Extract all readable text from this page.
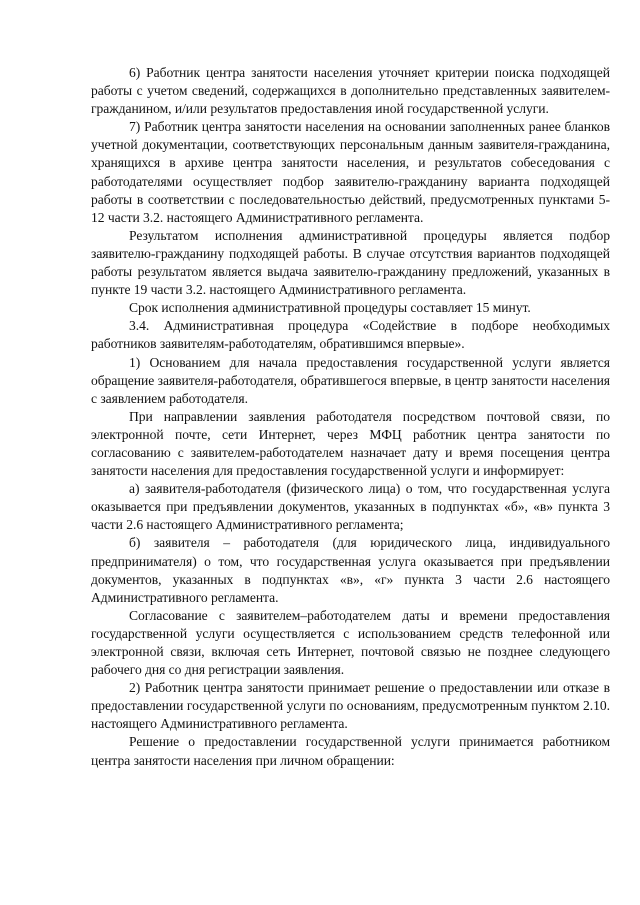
6) Работник центра занятости населения уточняет критерии поиска подходящей работы с учетом сведений, содержащихся в дополнительно представленных заявителем-гражданином, и/или результатов предоставления иной государственной услуги.

7) Работник центра занятости населения на основании заполненных ранее бланков учетной документации, соответствующих персональным данным заявителя-гражданина, хранящихся в архиве центра занятости населения, и результатов собеседования с работодателями осуществляет подбор заявителю-гражданину варианта подходящей работы в соответствии с последовательностью действий, предусмотренных пунктами 5-12 части 3.2. настоящего Административного регламента.

Результатом исполнения административной процедуры является подбор заявителю-гражданину подходящей работы. В случае отсутствия вариантов подходящей работы результатом является выдача заявителю-гражданину предложений, указанных в пункте 19 части 3.2. настоящего Административного регламента.

Срок исполнения административной процедуры составляет 15 минут.

3.4. Административная процедура «Содействие в подборе необходимых работников заявителям-работодателям, обратившимся впервые».

1) Основанием для начала предоставления государственной услуги является обращение заявителя-работодателя, обратившегося впервые, в центр занятости населения с заявлением работодателя.

При направлении заявления работодателя посредством почтовой связи, по электронной почте, сети Интернет, через МФЦ работник центра занятости по согласованию с заявителем-работодателем назначает дату и время посещения центра занятости населения для предоставления государственной услуги и информирует:

а) заявителя-работодателя (физического лица) о том, что государственная услуга оказывается при предъявлении документов, указанных в подпунктах «б», «в» пункта 3 части 2.6 настоящего Административного регламента;

б) заявителя – работодателя (для юридического лица, индивидуального предпринимателя) о том, что государственная услуга оказывается при предъявлении документов, указанных в подпунктах «в», «г» пункта 3 части 2.6 настоящего Административного регламента.

Согласование с заявителем–работодателем даты и времени предоставления государственной услуги осуществляется с использованием средств телефонной или электронной связи, включая сеть Интернет, почтовой связью не позднее следующего рабочего дня со дня регистрации заявления.

2) Работник центра занятости принимает решение о предоставлении или отказе в предоставлении государственной услуги по основаниям, предусмотренным пунктом 2.10. настоящего Административного регламента.

Решение о предоставлении государственной услуги принимается работником центра занятости населения при личном обращении:
